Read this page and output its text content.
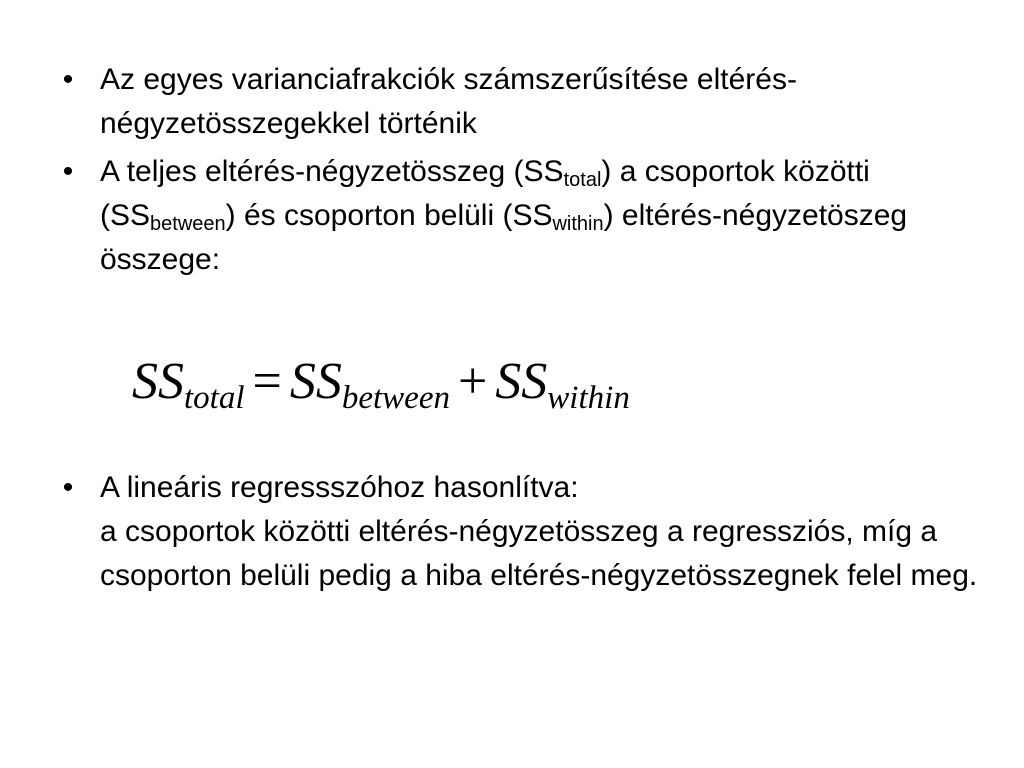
• Az egyes varianciafrakciók számszerűsítése eltérés-négyzetösszegekkel történik
• A teljes eltérés-négyzetösszeg $(SS_{total})$ a csoportok közötti $(SS_{between})$ és csoporton belüli $(SS_{within})$ eltérés-négyzetöszeg összege:
• A lineáris regressszóhoz hasonlítva:
a csoportok közötti eltérés-négyzetösszeg a regressziós, míg a csoporton belüli pedig a hiba eltérés-négyzetösszegnek felel meg.
SStotal = SSbetween + SSwithin
